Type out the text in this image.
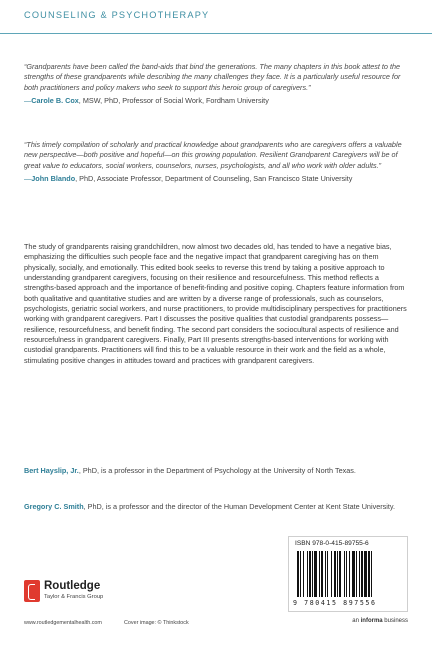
COUNSELING & PSYCHOTHERAPY

“Grandparents have been called the band-aids that bind the generations. The many chapters in this book attest to the strengths of these grandparents while describing the many challenges they face. It is a particularly useful resource for both practitioners and policy makers who seek to support this heroic group of caregivers.”

—Carole B. Cox, MSW, PhD, Professor of Social Work, Fordham University

“This timely compilation of scholarly and practical knowledge about grandparents who are caregivers offers a valuable new perspective—both positive and hopeful—on this growing population. Resilient Grandparent Caregivers will be of great value to educators, social workers, counselors, nurses, psychologists, and all who work with older adults.”

—John Blando, PhD, Associate Professor, Department of Counseling, San Francisco State University

The study of grandparents raising grandchildren, now almost two decades old, has tended to have a negative bias, emphasizing the difficulties such people face and the negative impact that grandparent caregiving has on them physically, socially, and emotionally. This edited book seeks to reverse this trend by taking a positive approach to understanding grandparent caregivers, focusing on their resilience and resourcefulness. This method reflects a strengths-based approach and the importance of benefit-finding and positive coping. Chapters feature information from both qualitative and quantitative studies and are written by a diverse range of professionals, such as counselors, psychologists, geriatric social workers, and nurse practitioners, to provide multidisciplinary perspectives for practitioners working with grandparent caregivers. Part I discusses the positive qualities that custodial grandparents possess—resilience, resourcefulness, and benefit finding. The second part considers the sociocultural aspects of resilience and resourcefulness in grandparent caregivers. Finally, Part III presents strengths-based interventions for working with custodial grandparents. Practitioners will find this to be a valuable resource in their work and the field as a whole, stimulating positive changes in attitudes toward and practices with grandparent caregivers.
Bert Hayslip, Jr., PhD, is a professor in the Department of Psychology at the University of North Texas.
Gregory C. Smith, PhD, is a professor and the director of the Human Development Center at Kent State University.
ISBN 978-0-415-89755-6
9 780415 897556
Routledge
Taylor & Francis Group
www.routledgementalhealth.com	Cover image: © Thinkstock	an informa business
